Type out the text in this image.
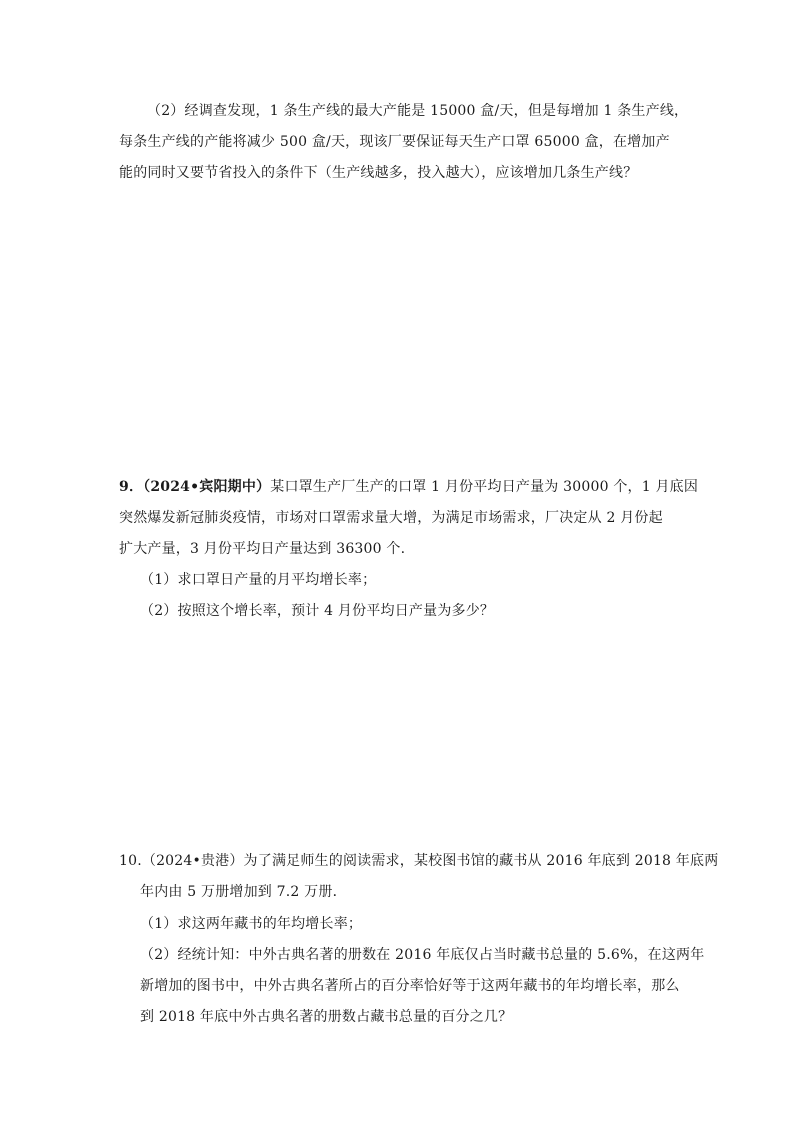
（2）经调查发现，1 条生产线的最大产能是 15000 盒/天，但是每增加 1 条生产线，
每条生产线的产能将减少 500 盒/天，现该厂要保证每天生产口罩 65000 盒，在增加产
能的同时又要节省投入的条件下（生产线越多，投入越大），应该增加几条生产线？
9．（2024•宾阳期中）某口罩生产厂生产的口罩 1 月份平均日产量为 30000 个，1 月底因
突然爆发新冠肺炎疫情，市场对口罩需求量大增，为满足市场需求，厂决定从 2 月份起
扩大产量，3 月份平均日产量达到 36300 个.
（1）求口罩日产量的月平均增长率；
（2）按照这个增长率，预计 4 月份平均日产量为多少？
10.（2024•贵港）为了满足师生的阅读需求，某校图书馆的藏书从 2016 年底到 2018 年底两
年内由 5 万册增加到 7.2 万册．
（1）求这两年藏书的年均增长率；
（2）经统计知：中外古典名著的册数在 2016 年底仅占当时藏书总量的 5.6%，在这两年
新增加的图书中，中外古典名著所占的百分率恰好等于这两年藏书的年均增长率，那么
到 2018 年底中外古典名著的册数占藏书总量的百分之几？
